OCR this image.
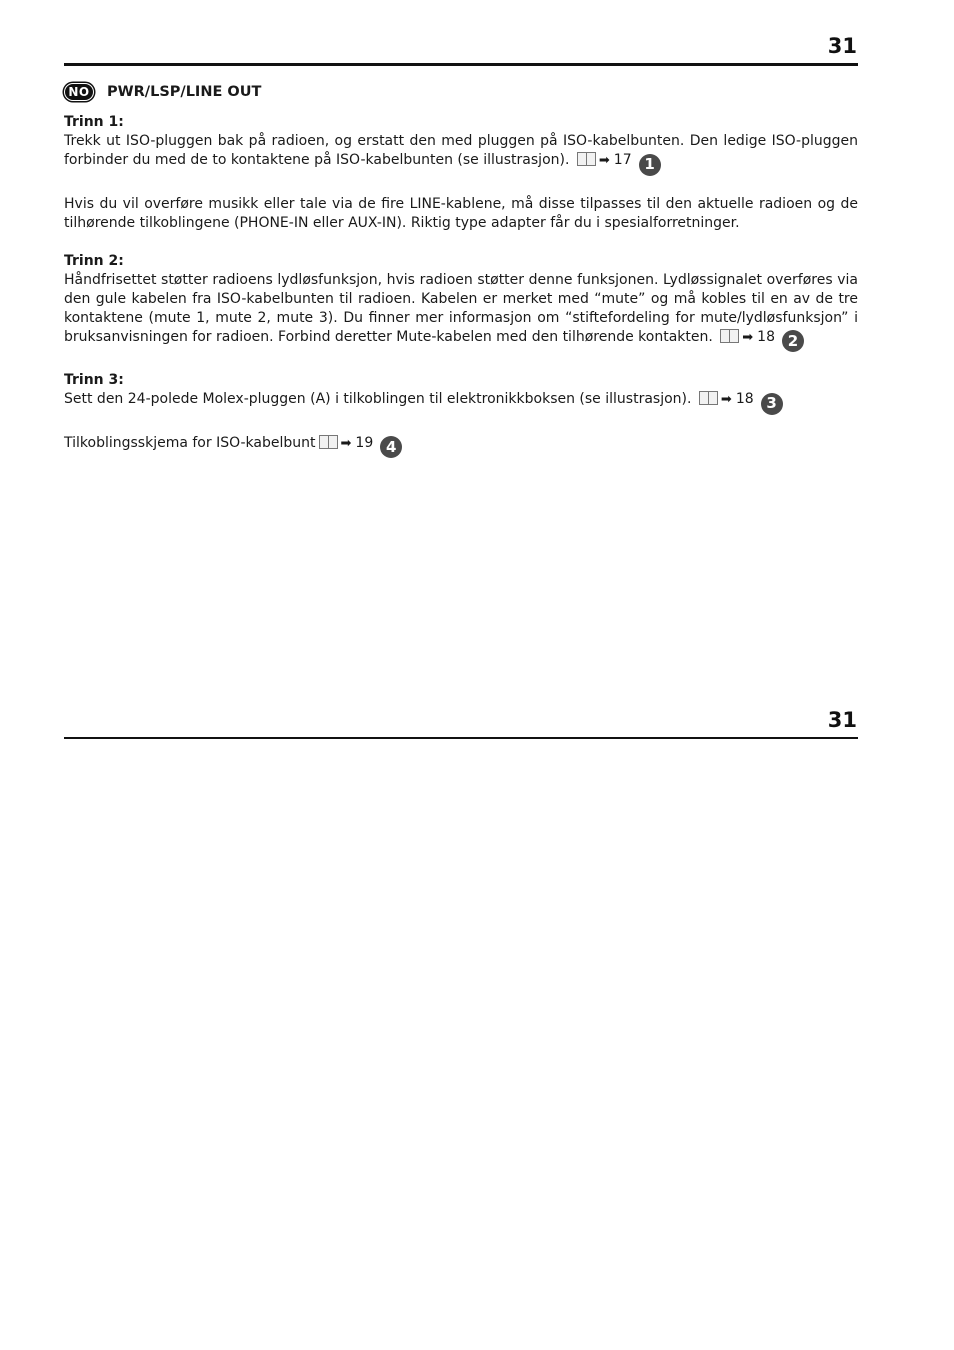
31
NO	PWR/LSP/LINE OUT
Trinn 1:

Trekk ut ISO-pluggen bak på radioen, og erstatt den med pluggen på ISO-kabelbunten. Den ledige ISO-pluggen forbinder du med de to kontaktene på ISO-kabelbunten (se illustrasjon). ➡ 17 1

Hvis du vil overføre musikk eller tale via de fire LINE-kablene, må disse tilpasses til den aktuelle radioen og de tilhørende tilkoblingene (PHONE-IN eller AUX-IN). Riktig type adapter får du i spesialforretninger.

Trinn 2:

Håndfrisettet støtter radioens lydløsfunksjon, hvis radioen støtter denne funksjonen. Lydløssignalet overføres via den gule kabelen fra ISO-kabelbunten til radioen. Kabelen er merket med “mute” og må kobles til en av de tre kontaktene (mute 1, mute 2, mute 3). Du finner mer informasjon om “stiftefordeling for mute/lydløsfunksjon” i bruksanvisningen for radioen. Forbind deretter Mute-kabelen med den tilhørende kontakten. ➡ 18 2

Trinn 3:

Sett den 24-polede Molex-pluggen (A) i tilkoblingen til elektronikkboksen (se illustrasjon). ➡ 18 3

Tilkoblingsskjema for ISO-kabelbunt ➡ 19 4

31
